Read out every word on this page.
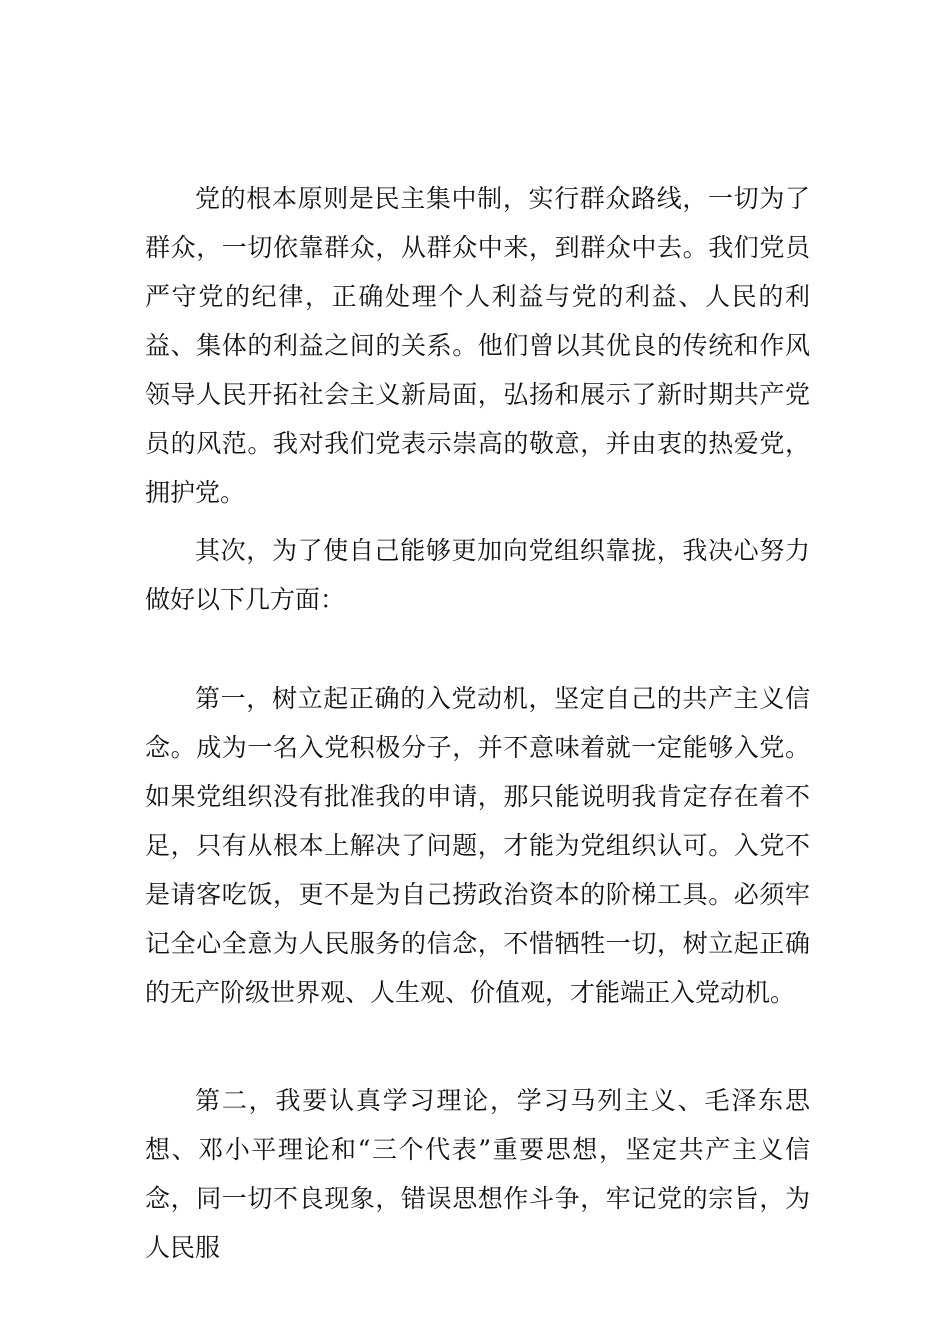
党的根本原则是民主集中制，实行群众路线，一切为了群众，一切依靠群众，从群众中来，到群众中去。我们党员严守党的纪律，正确处理个人利益与党的利益、人民的利益、集体的利益之间的关系。他们曾以其优良的传统和作风领导人民开拓社会主义新局面，弘扬和展示了新时期共产党员的风范。我对我们党表示崇高的敬意，并由衷的热爱党，拥护党。

其次，为了使自己能够更加向党组织靠拢，我决心努力做好以下几方面：

第一，树立起正确的入党动机，坚定自己的共产主义信念。成为一名入党积极分子，并不意味着就一定能够入党。如果党组织没有批准我的申请，那只能说明我肯定存在着不足，只有从根本上解决了问题，才能为党组织认可。入党不是请客吃饭，更不是为自己捞政治资本的阶梯工具。必须牢记全心全意为人民服务的信念，不惜牺牲一切，树立起正确的无产阶级世界观、人生观、价值观，才能端正入党动机。

第二，我要认真学习理论，学习马列主义、毛泽东思想、邓小平理论和“三个代表”重要思想，坚定共产主义信念，同一切不良现象，错误思想作斗争，牢记党的宗旨，为人民服
